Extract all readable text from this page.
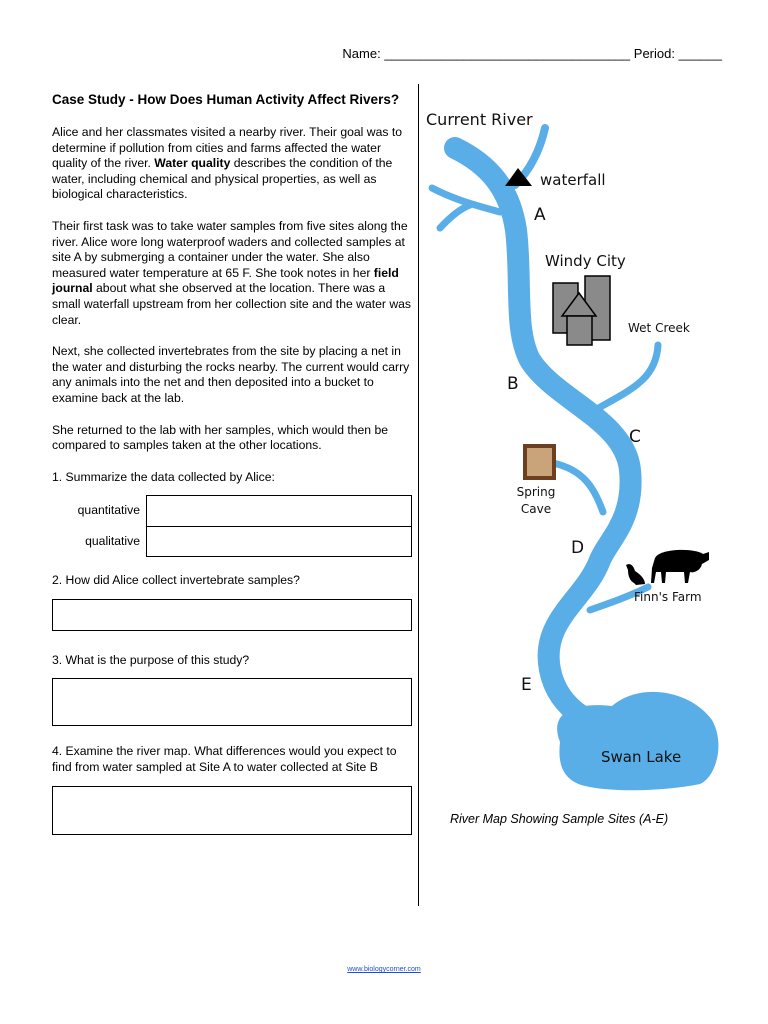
Name: __________________________________ Period: ______
Case Study - How Does Human Activity Affect Rivers?
Alice and her classmates visited a nearby river. Their goal was to determine if pollution from cities and farms affected the water quality of the river. Water quality describes the condition of the water, including chemical and physical properties, as well as biological characteristics.
Their first task was to take water samples from five sites along the river. Alice wore long waterproof waders and collected samples at site A by submerging a container under the water. She also measured water temperature at 65 F. She took notes in her field journal about what she observed at the location. There was a small waterfall upstream from her collection site and the water was clear.
Next, she collected invertebrates from the site by placing a net in the water and disturbing the rocks nearby. The current would carry any animals into the net and then deposited into a bucket to examine back at the lab.
She returned to the lab with her samples, which would then be compared to samples taken at the other locations.
1. Summarize the data collected by Alice:
quantitative
qualitative
2. How did Alice collect invertebrate samples?
3. What is the purpose of this study?
4. Examine the river map. What differences would you expect to find from water sampled at Site A to water collected at Site B
Current River
waterfall
A
Windy City
Wet Creek
B
C
Spring
Cave
D
Finn's Farm
E
Swan Lake
River Map Showing Sample Sites (A-E)
www.biologycorner.com
